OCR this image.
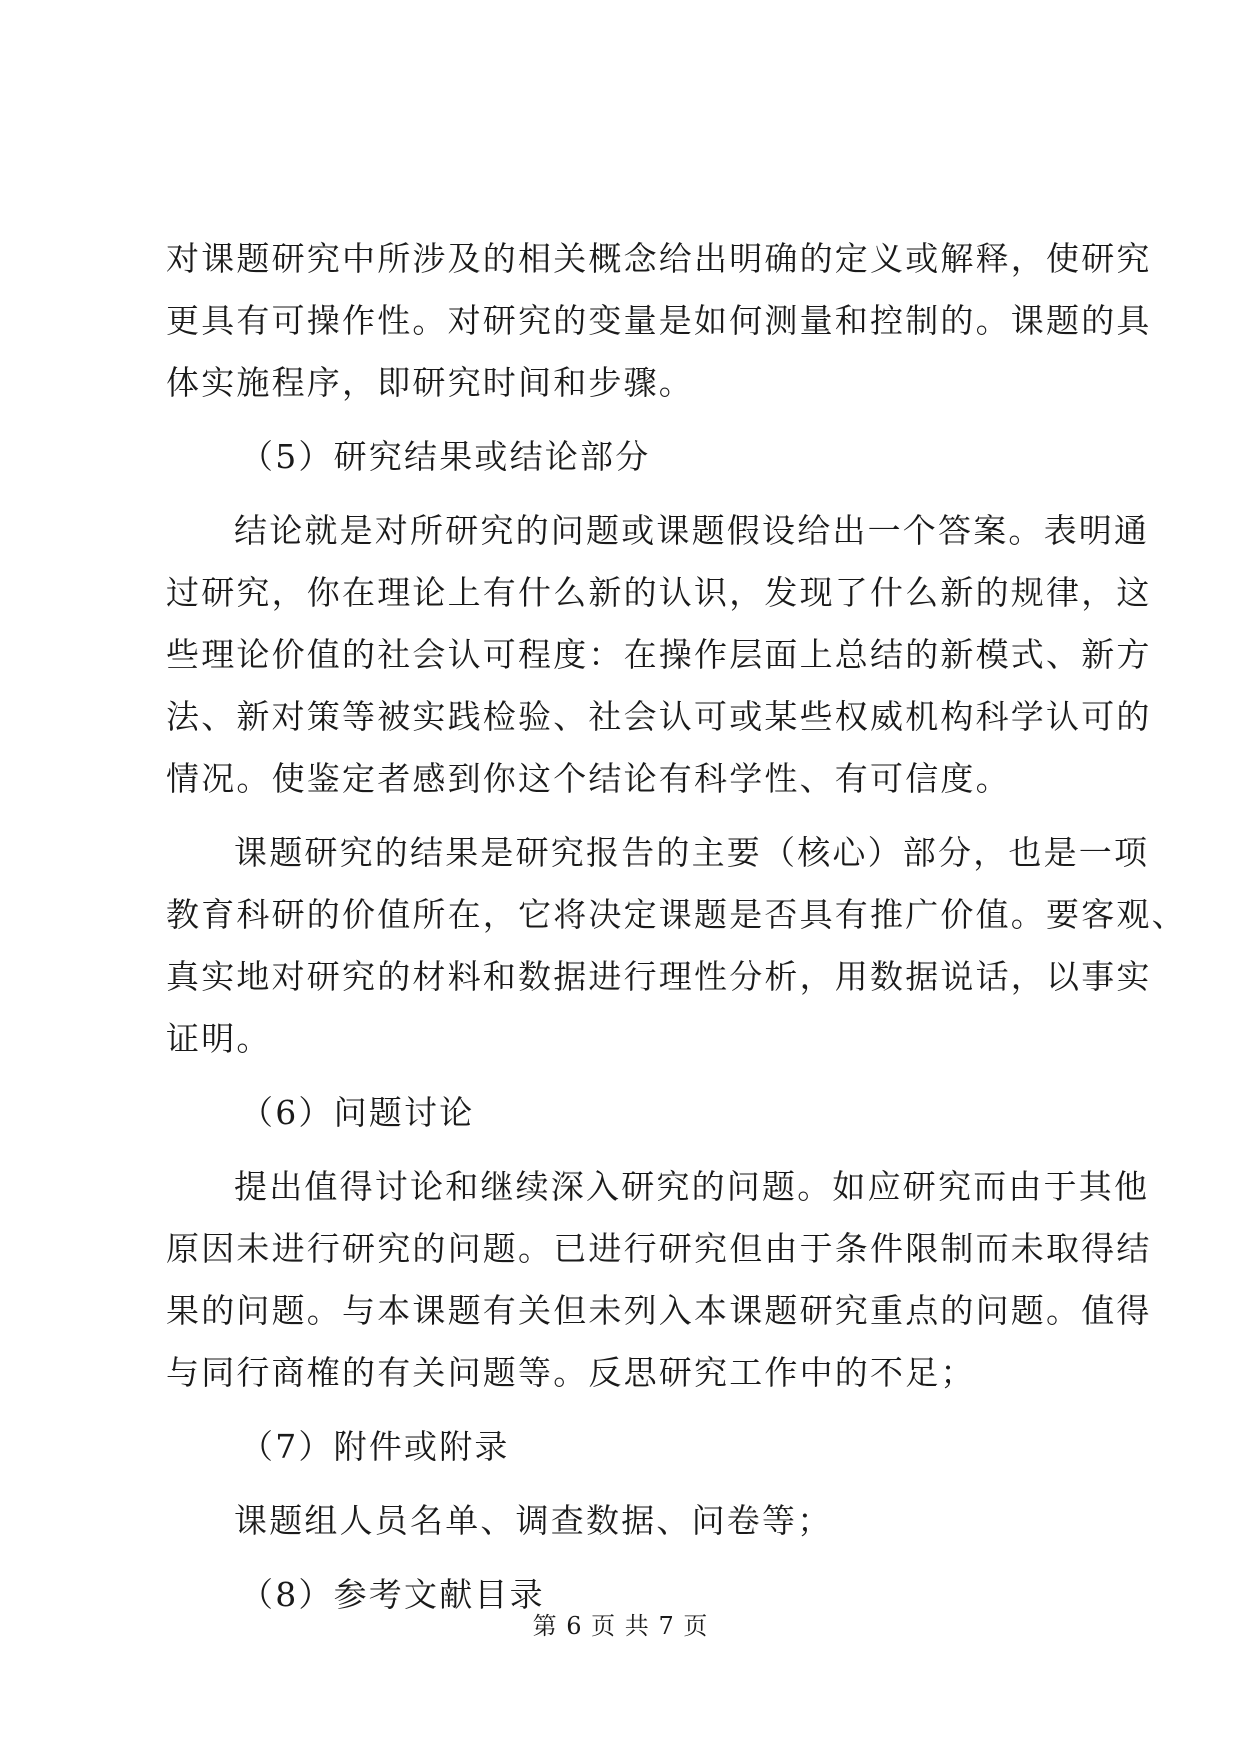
对课题研究中所涉及的相关概念给出明确的定义或解释，使研究
更具有可操作性。对研究的变量是如何测量和控制的。课题的具
体实施程序，即研究时间和步骤。
（5）研究结果或结论部分
结论就是对所研究的问题或课题假设给出一个答案。表明通
过研究，你在理论上有什么新的认识，发现了什么新的规律，这
些理论价值的社会认可程度：在操作层面上总结的新模式、新方
法、新对策等被实践检验、社会认可或某些权威机构科学认可的
情况。使鉴定者感到你这个结论有科学性、有可信度。
课题研究的结果是研究报告的主要（核心）部分，也是一项
教育科研的价值所在，它将决定课题是否具有推广价值。要客观、
真实地对研究的材料和数据进行理性分析，用数据说话，以事实
证明。
（6）问题讨论
提出值得讨论和继续深入研究的问题。如应研究而由于其他
原因未进行研究的问题。已进行研究但由于条件限制而未取得结
果的问题。与本课题有关但未列入本课题研究重点的问题。值得
与同行商榷的有关问题等。反思研究工作中的不足；
（7）附件或附录
课题组人员名单、调查数据、问卷等；
（8）参考文献目录
第 6 页 共 7 页
